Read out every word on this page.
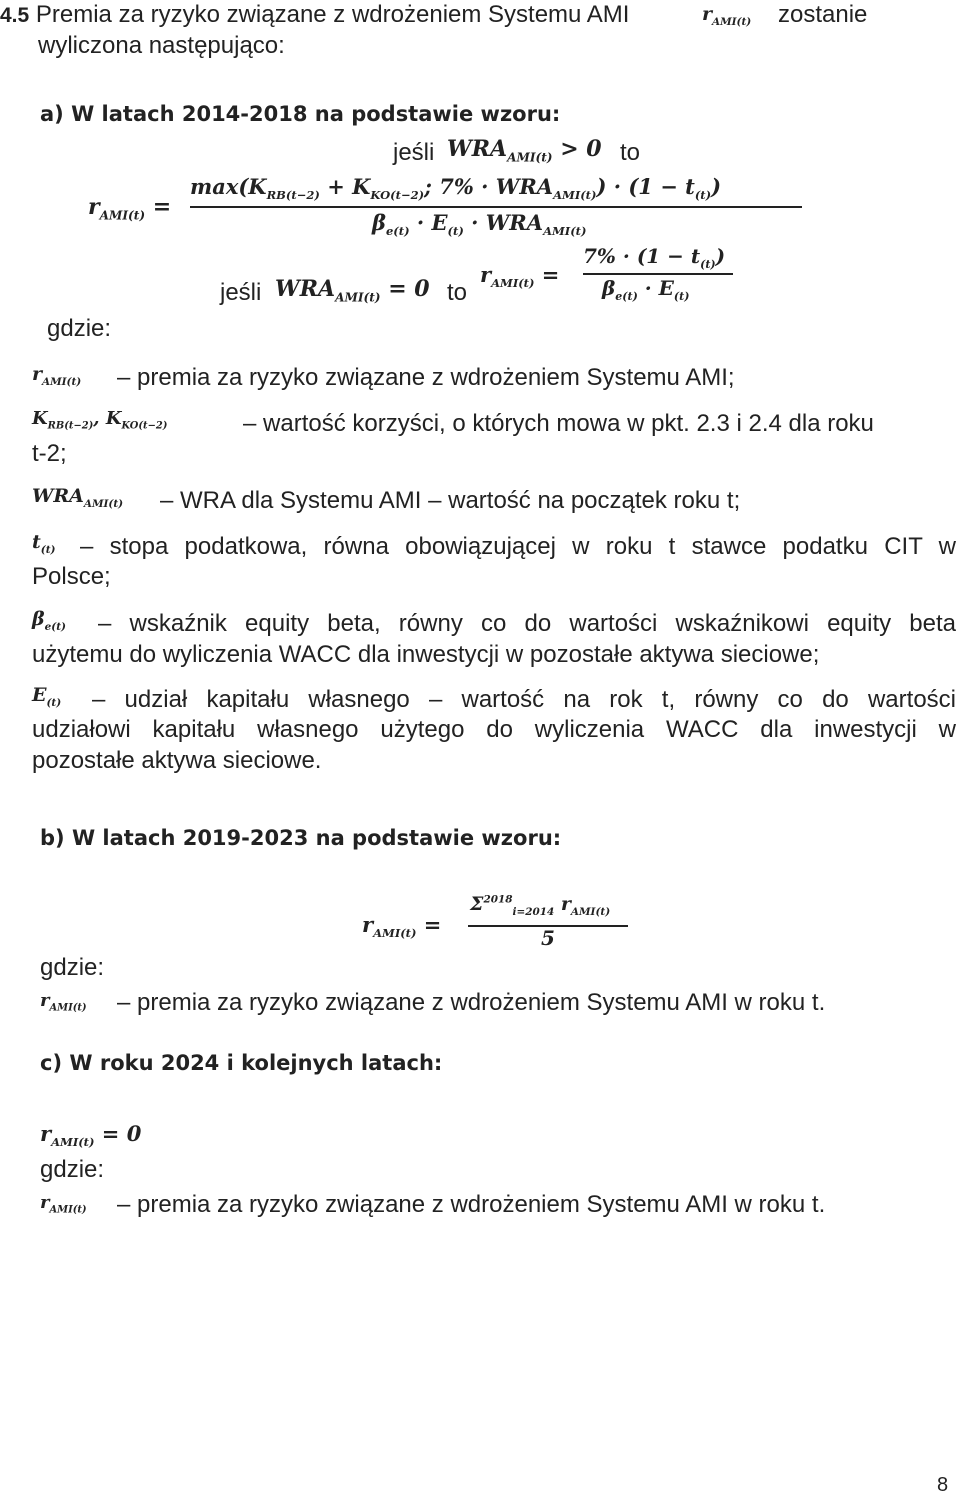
4.5 Premia za ryzyko związane z wdrożeniem Systemu AMI	$r_{AMI(t)}$ zostanie
wyliczona następująco:
a) W latach 2014-2018 na podstawie wzoru:
jeśli $WRA_{AMI(t)} > 0$ to
$r_{AMI(t)}$ =
$\max(K_{RB(t-2)} + K_{KO(t-2)}$; $7\% \cdot WRA_{AMI(t)}) \cdot (1 - t_{(t)})$
$\beta_{e(t)} \cdot E_{(t)} \cdot WRA_{AMI(t)}$
jeśli $WRA_{AMI(t)} = 0$ to
$r_{AMI(t)}$ =
$7\% \cdot (1 - t_{(t)})$
$\beta_{e(t)} \cdot E_{(t)}$
gdzie:
$r_{AMI(t)}$ – premia za ryzyko związane z wdrożeniem Systemu AMI;
$K_{RB(t-2)}$, $K_{KO(t-2)}$	– wartość korzyści, o których mowa w pkt. 2.3 i 2.4 dla roku
t-2;
$WRA_{AMI(t)}$ – WRA dla Systemu AMI – wartość na początek roku t;
$t_{(t)}$ – stopa podatkowa, równa obowiązującej w roku t stawce podatku CIT w
Polsce;
$\beta_{e(t)}$ – wskaźnik equity beta, równy co do wartości wskaźnikowi equity beta
użytemu do wyliczenia WACC dla inwestycji w pozostałe aktywa sieciowe;
$E_{(t)}$ – udział kapitału własnego – wartość na rok t, równy co do wartości
udziałowi kapitału własnego użytego do wyliczenia WACC dla inwestycji w
pozostałe aktywa sieciowe.
b) W latach 2019-2023 na podstawie wzoru:
$r_{AMI(t)}$ =
$\Sigma^{2018}_{i=2014}$ $r_{AMI(t)}$
5
gdzie:
$r_{AMI(t)}$ – premia za ryzyko związane z wdrożeniem Systemu AMI w roku t.
c) W roku 2024 i kolejnych latach:
$r_{AMI(t)} = 0$
gdzie:
$r_{AMI(t)}$ – premia za ryzyko związane z wdrożeniem Systemu AMI w roku t.
8
